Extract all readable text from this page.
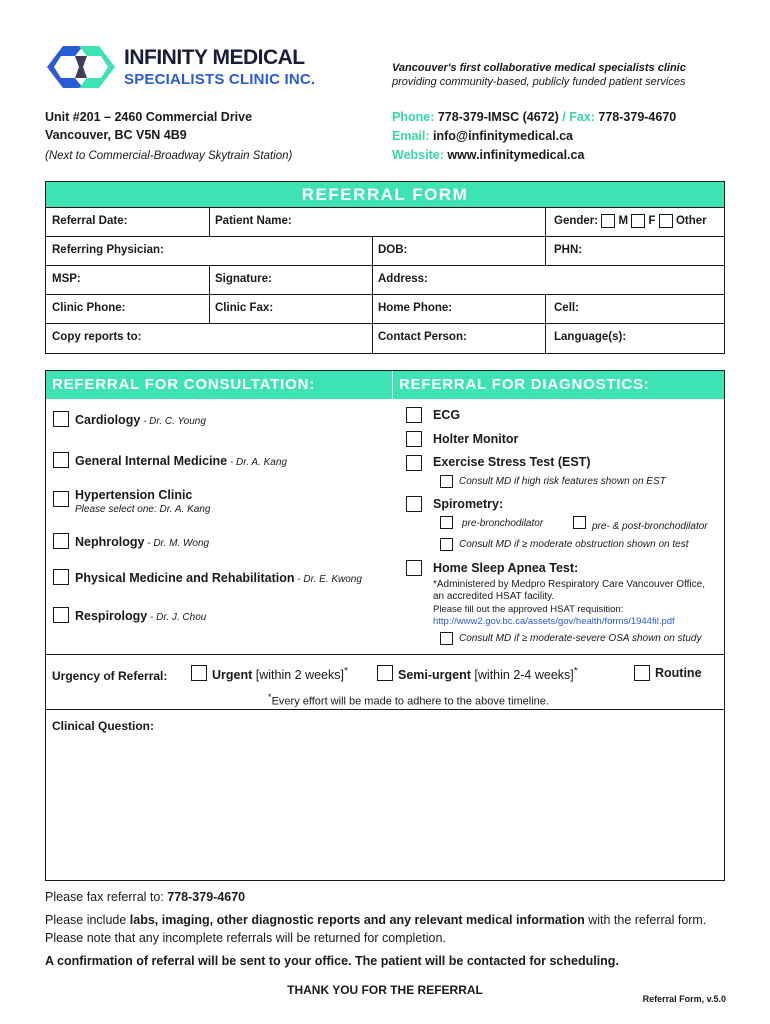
INFINITY MEDICAL
SPECIALISTS CLINIC INC.
Vancouver's first collaborative medical specialists clinic
providing community-based, publicly funded patient services
Unit #201 – 2460 Commercial Drive
Vancouver, BC V5N 4B9
(Next to Commercial-Broadway Skytrain Station)
Phone: 778-379-IMSC (4672) / Fax: 778-379-4670
Email: info@infinitymedical.ca
Website: www.infinitymedical.ca
REFERRAL FORM
Referral Date:	Patient Name:	Gender: M F Other
Referring Physician:	DOB:	PHN:
MSP:	Signature:	Address:
Clinic Phone:	Clinic Fax:	Home Phone:	Cell:
Copy reports to:	Contact Person:	Language(s):
REFERRAL FOR CONSULTATION:	REFERRAL FOR DIAGNOSTICS:
Cardiology - Dr. C. Young
General Internal Medicine - Dr. A. Kang
Hypertension Clinic
Please select one: Dr. A. Kang
Nephrology - Dr. M. Wong
Physical Medicine and Rehabilitation - Dr. E. Kwong
Respirology - Dr. J. Chou
ECG
Holter Monitor
Exercise Stress Test (EST)
Consult MD if high risk features shown on EST
Spirometry:
pre-bronchodilator	pre- & post-bronchodilator
Consult MD if ≥ moderate obstruction shown on test
Home Sleep Apnea Test:
*Administered by Medpro Respiratory Care Vancouver Office,
an accredited HSAT facility.
Please fill out the approved HSAT requisition:
http://www2.gov.bc.ca/assets/gov/health/forms/1944fil.pdf
Consult MD if ≥ moderate-severe OSA shown on study
Urgency of Referral:	Urgent [within 2 weeks]*	Semi-urgent [within 2-4 weeks]*	Routine
*Every effort will be made to adhere to the above timeline.
Clinical Question:
Please fax referral to: 778-379-4670
Please include labs, imaging, other diagnostic reports and any relevant medical information with the referral form.
Please note that any incomplete referrals will be returned for completion.
A confirmation of referral will be sent to your office. The patient will be contacted for scheduling.
THANK YOU FOR THE REFERRAL
Referral Form, v.5.0
